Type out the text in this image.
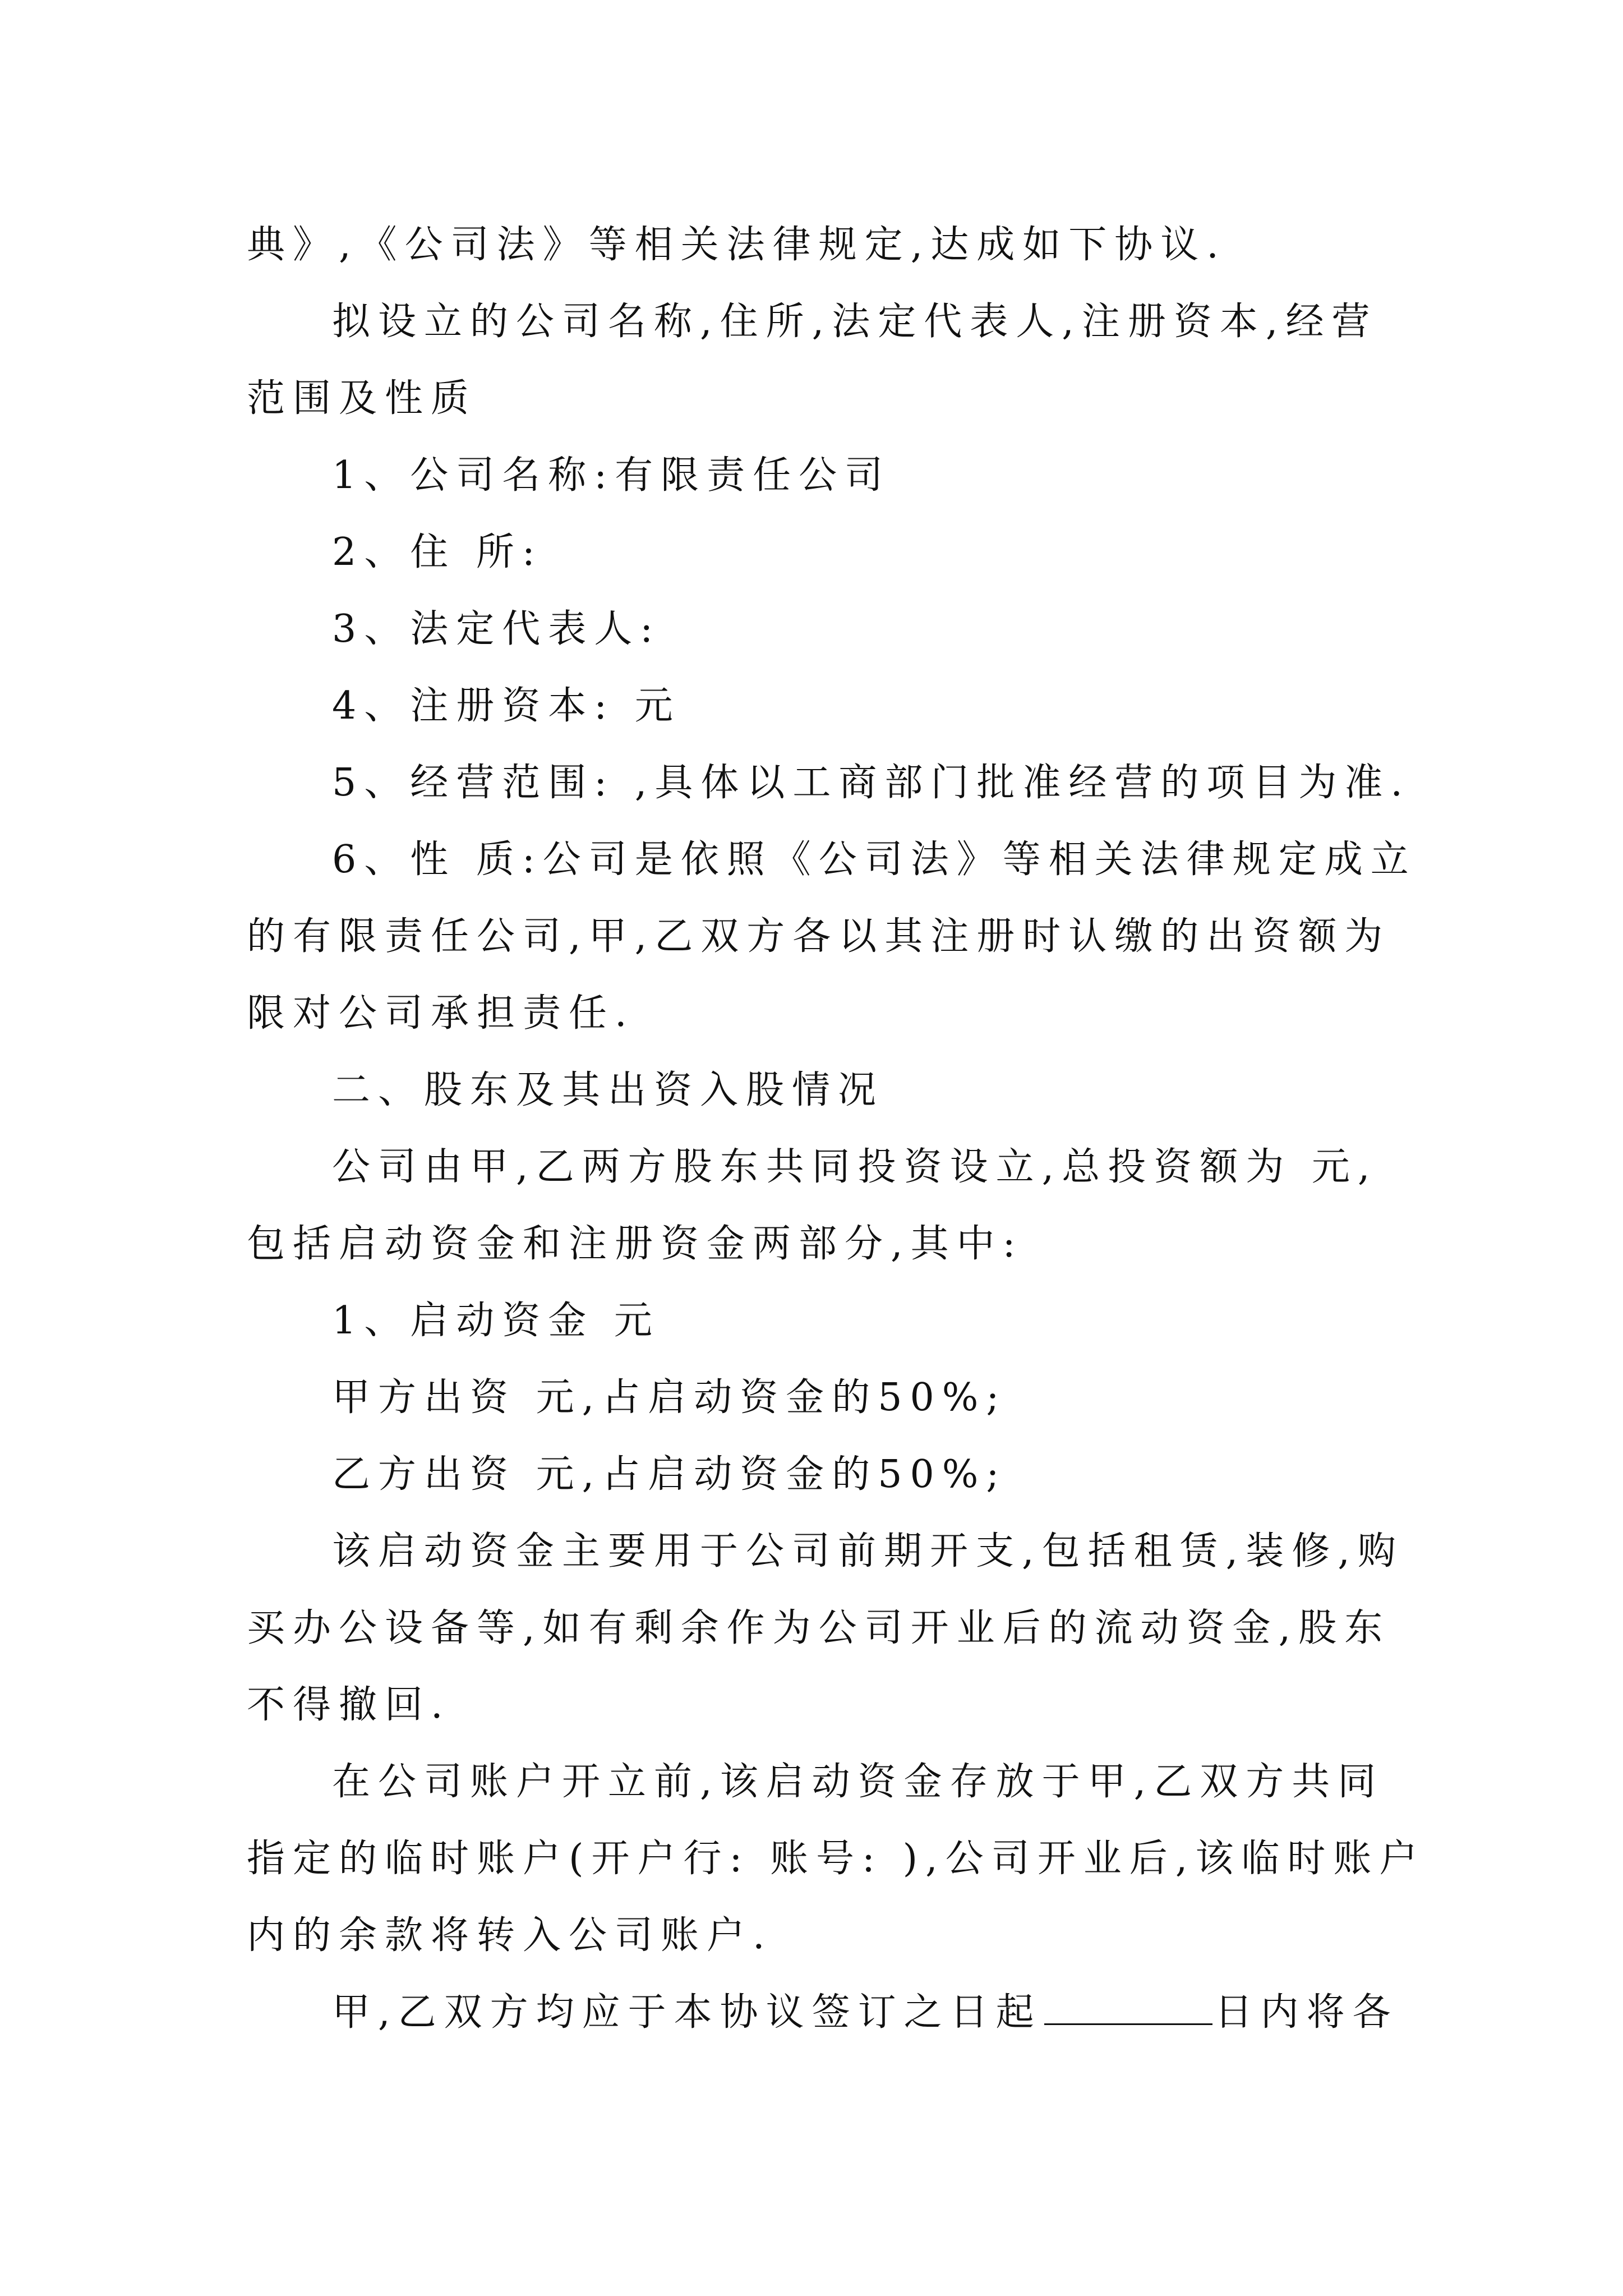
典》,《公司法》等相关法律规定,达成如下协议.
拟设立的公司名称,住所,法定代表人,注册资本,经营
范围及性质
1、公司名称:有限责任公司
2、住 所:
3、法定代表人:
4、注册资本: 元
5、经营范围: ,具体以工商部门批准经营的项目为准.
6、性 质:公司是依照《公司法》等相关法律规定成立
的有限责任公司,甲,乙双方各以其注册时认缴的出资额为
限对公司承担责任.
二、股东及其出资入股情况
公司由甲,乙两方股东共同投资设立,总投资额为 元,
包括启动资金和注册资金两部分,其中:
1、启动资金 元
甲方出资 元,占启动资金的50%;
乙方出资 元,占启动资金的50%;
该启动资金主要用于公司前期开支,包括租赁,装修,购
买办公设备等,如有剩余作为公司开业后的流动资金,股东
不得撤回.
在公司账户开立前,该启动资金存放于甲,乙双方共同
指定的临时账户(开户行: 账号: ),公司开业后,该临时账户
内的余款将转入公司账户.
甲,乙双方均应于本协议签订之日起	日内将各
